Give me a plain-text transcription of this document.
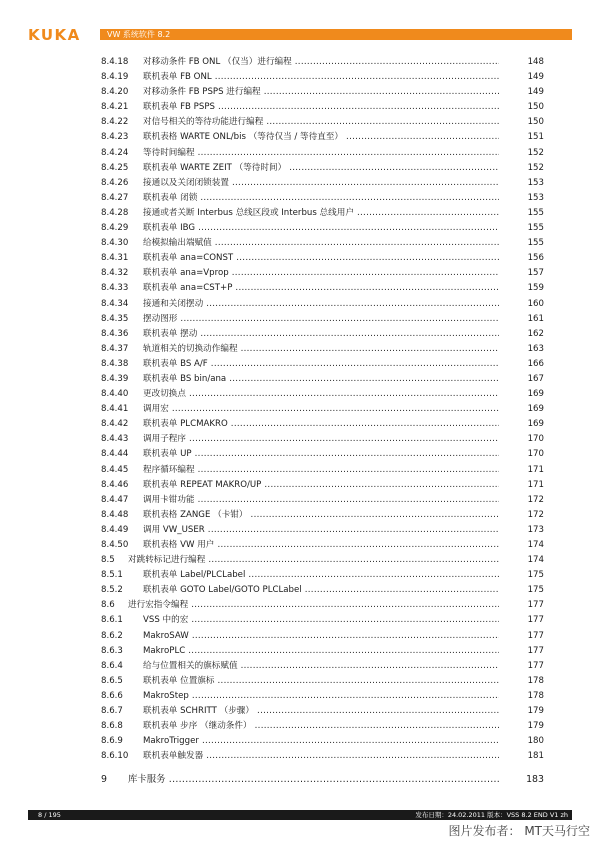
KUKA	VW 系统软件 8.2
8.4.18 对移动条件 FB ONL （仅当）进行编程 .....	148
8.4.19 联机表单 FB ONL .....	149
8.4.20 对移动条件 FB PSPS 进行编程 .....	149
8.4.21 联机表单 FB PSPS .....	150
8.4.22 对信号相关的等待功能进行编程 .....	150
8.4.23 联机表格 WARTE ONL/bis （等待仅当 / 等待直至） .....	151
8.4.24 等待时间编程 .....	152
8.4.25 联机表单 WARTE ZEIT （等待时间） .....	152
8.4.26 接通以及关闭闭锁装置 .....	153
8.4.27 联机表单 闭锁 .....	153
8.4.28 接通或者关断 Interbus 总线区段或 Interbus 总线用户 .....	155
8.4.29 联机表单 IBG .....	155
8.4.30 给模拟输出端赋值 .....	155
8.4.31 联机表单 ana=CONST .....	156
8.4.32 联机表单 ana=Vprop .....	157
8.4.33 联机表单 ana=CST+P .....	159
8.4.34 接通和关闭摆动 .....	160
8.4.35 摆动图形 .....	161
8.4.36 联机表单 摆动 .....	162
8.4.37 轨道相关的切换动作编程 .....	163
8.4.38 联机表单 BS A/F .....	166
8.4.39 联机表单 BS bin/ana .....	167
8.4.40 更改切换点 .....	169
8.4.41 调用宏 .....	169
8.4.42 联机表单 PLCMAKRO .....	169
8.4.43 调用子程序 .....	170
8.4.44 联机表单 UP .....	170
8.4.45 程序循环编程 .....	171
8.4.46 联机表单 REPEAT MAKRO/UP .....	171
8.4.47 调用卡钳功能 .....	172
8.4.48 联机表格 ZANGE （卡钳） .....	172
8.4.49 调用 VW_USER .....	173
8.4.50 联机表格 VW 用户 .....	174
8.5 对跳转标记进行编程 .....	174
8.5.1 联机表单 Label/PLCLabel .....	175
8.5.2 联机表单 GOTO Label/GOTO PLCLabel .....	175
8.6 进行宏指令编程 .....	177
8.6.1 VSS 中的宏 .....	177
8.6.2 MakroSAW .....	177
8.6.3 MakroPLC .....	177
8.6.4 给与位置相关的旗标赋值 .....	177
8.6.5 联机表单 位置旗标 .....	178
8.6.6 MakroStep .....	178
8.6.7 联机表单 SCHRITT （步骤） .....	179
8.6.8 联机表单 步序 （继动条件） .....	179
8.6.9 MakroTrigger .....	180
8.6.10 联机表单触发器 .....	181
9 库卡服务 .....	183
8 / 195	发布日期：24.02.2011 版本：VSS 8.2 END V1 zh
图片发布者： MT天马行空
